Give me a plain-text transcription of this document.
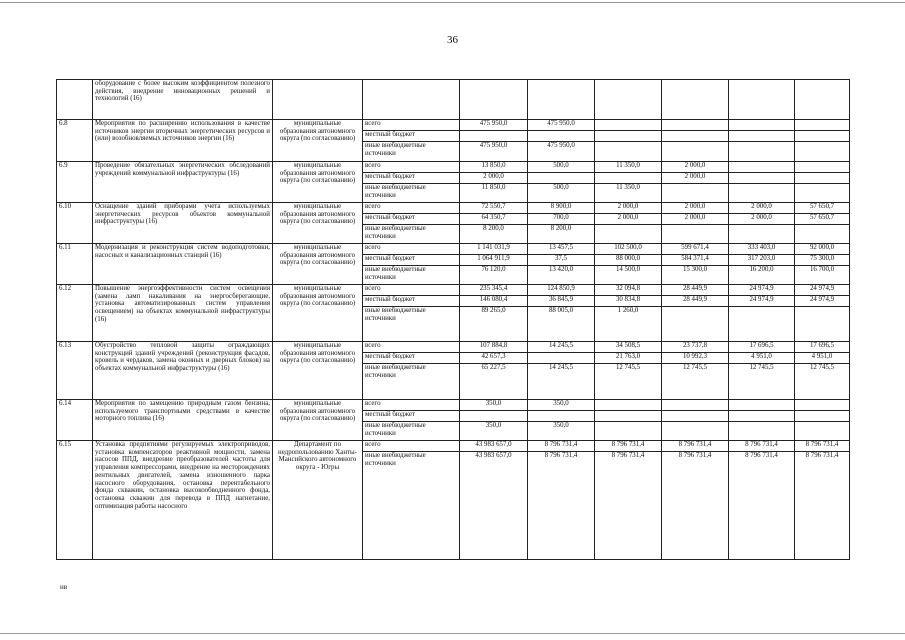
36
	оборудование с более высоким коэффициентом полезного действия, внедрение инновационных решений и технологий (16)								
6.8	Мероприятия по расширению использования в качестве источников энергии вторичных энергетических ресурсов и (или) возобновляемых источников энергии (16)	муниципальные образования автономного округа (по согласованию)	всего	475 950,0	475 950,0				
			местный бюджет						
			иные внебюджетные источники	475 950,0	475 950,0				
6.9	Проведение обязательных энергетических обследований учреждений коммунальной инфраструктуры (16)	муниципальные образования автономного округа (по согласованию)	всего	13 850,0	500,0	11 350,0	2 000,0		
			местный бюджет	2 000,0			2 000,0		
			иные внебюджетные источники	11 850,0	500,0	11 350,0			
6.10	Оснащение зданий приборами учета используемых энергетических ресурсов объектов коммунальной инфраструктуры (16)	муниципальные образования автономного округа (по согласованию)	всего	72 550,7	8 900,0	2 000,0	2 000,0	2 000,0	57 650,7
			местный бюджет	64 350,7	700,0	2 000,0	2 000,0	2 000,0	57 650,7
			иные внебюджетные источники	8 200,0	8 200,0				
6.11	Модернизация и реконструкция систем водоподготовки, насосных и канализационных станций (16)	муниципальные образования автономного округа (по согласованию)	всего	1 141 031,9	13 457,5	102 500,0	599 671,4	333 403,0	92 000,0
			местный бюджет	1 064 911,9	37,5	88 000,0	584 371,4	317 203,0	75 300,0
			иные внебюджетные источники	76 120,0	13 420,0	14 500,0	15 300,0	16 200,0	16 700,0
6.12	Повышение энергоэффективности систем освещения (замена ламп накаливания на энергосберегающие, установка автоматизированных систем управления освещением) на объектах коммунальной инфраструктуры (16)	муниципальные образования автономного округа (по согласованию)	всего	235 345,4	124 850,9	32 094,8	28 449,9	24 974,9	24 974,9
			местный бюджет	146 080,4	36 845,9	30 834,8	28 449,9	24 974,9	24 974,9
			иные внебюджетные источники	89 265,0	88 005,0	1 260,0			
6.13	Обустройство тепловой защиты ограждающих конструкций зданий учреждений (реконструкция фасадов, кровель и чердаков, замена оконных и дверных блоков) на объектах коммунальной инфраструктуры (16)	муниципальные образования автономного округа (по согласованию)	всего	107 884,8	14 245,5	34 508,5	23 737,8	17 696,5	17 696,5
			местный бюджет	42 657,3		21 763,0	10 992,3	4 951,0	4 951,0
			иные внебюджетные источники	65 227,5	14 245,5	12 745,5	12 745,5	12 745,5	12 745,5
6.14	Мероприятия по замещению природным газом бензина, используемого транспортными средствами в качестве моторного топлива (16)	муниципальные образования автономного округа (по согласованию)	всего	350,0	350,0				
			местный бюджет						
			иные внебюджетные источники	350,0	350,0				
6.15	Установка предпятиями регулируемых электроприводов, установка компенсаторов реактивной мощности, замена насосов ППД, внедрение преобразователей частоты для управления компрессорами, внедрение на месторождениях вентильных двигателей, замена изношенного парка насосного оборудования, остановка перентабельного фонда скважин, остановка высокообводненного фонда, остановка скважин для перевода в ППД нагнетание, оптимизация работы насосного	Департамент по недропользованию Ханты-Мансийского автономного округа - Югры	всего	43 983 657,0	8 796 731,4	8 796 731,4	8 796 731,4	8 796 731,4	8 796 731,4
			иные внебюджетные источники	43 983 657,0	8 796 731,4	8 796 731,4	8 796 731,4	8 796 731,4	8 796 731,4
нв
